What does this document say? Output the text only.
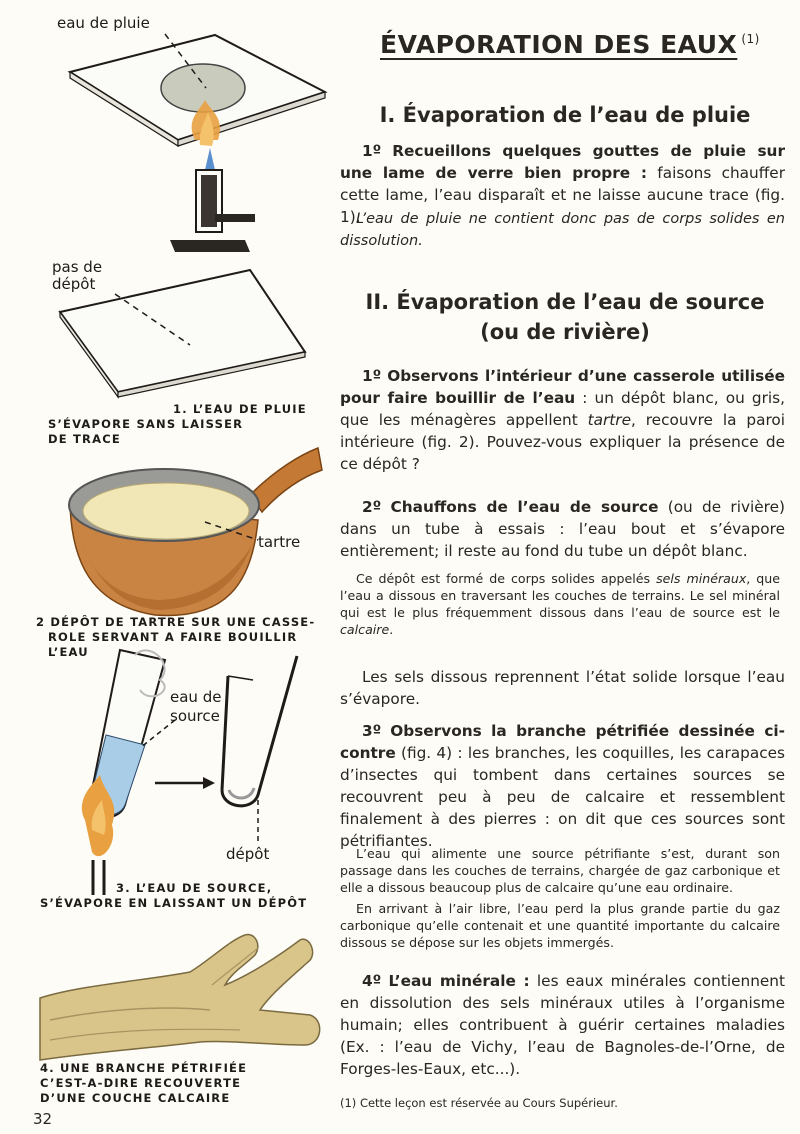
eau de pluie
pas de
dépôt
1. L’EAU DE PLUIE
S’ÉVAPORE SANS LAISSER
DE TRACE
tartre
2 DÉPÔT DE TARTRE SUR UNE CASSE-
ROLE SERVANT A FAIRE BOUILLIR
L’EAU
eau de
source
dépôt
3. L’EAU DE SOURCE,
S’ÉVAPORE EN LAISSANT UN DÉPÔT
4. UNE BRANCHE PÉTRIFIÉE
C’EST-A-DIRE RECOUVERTE
D’UNE COUCHE CALCAIRE
ÉVAPORATION DES EAUX $^{(1)}$
I. Évaporation de l’eau de pluie
1º Recueillons quelques gouttes de pluie sur une lame de verre bien propre : faisons chauffer cette lame, l’eau disparaît et ne laisse aucune trace (fig. 1).
L’eau de pluie ne contient donc pas de corps solides en dissolution.
II. Évaporation de l’eau de source
(ou de rivière)
1º Observons l’intérieur d’une casserole utilisée pour faire bouillir de l’eau : un dépôt blanc, ou gris, que les ménagères appellent tartre, recouvre la paroi intérieure (fig. 2). Pouvez-vous expliquer la présence de ce dépôt ?
2º Chauffons de l’eau de source (ou de rivière) dans un tube à essais : l’eau bout et s’évapore entièrement; il reste au fond du tube un dépôt blanc.
Ce dépôt est formé de corps solides appelés sels minéraux, que l’eau a dissous en traversant les couches de terrains. Le sel minéral qui est le plus fréquemment dissous dans l’eau de source est le calcaire.
Les sels dissous reprennent l’état solide lorsque l’eau s’évapore.
3º Observons la branche pétrifiée dessinée ci-contre (fig. 4) : les branches, les coquilles, les carapaces d’insectes qui tombent dans certaines sources se recouvrent peu à peu de calcaire et ressemblent finalement à des pierres : on dit que ces sources sont pétrifiantes.
L’eau qui alimente une source pétrifiante s’est, durant son passage dans les couches de terrains, chargée de gaz carbonique et elle a dissous beaucoup plus de calcaire qu’une eau ordinaire.
En arrivant à l’air libre, l’eau perd la plus grande partie du gaz carbonique qu’elle contenait et une quantité importante du calcaire dissous se dépose sur les objets immergés.
4º L’eau minérale : les eaux minérales contiennent en dissolution des sels minéraux utiles à l’organisme humain; elles contribuent à guérir certaines maladies (Ex. : l’eau de Vichy, l’eau de Bagnoles-de-l’Orne, de Forges-les-Eaux, etc...).
(1) Cette leçon est réservée au Cours Supérieur.
32
